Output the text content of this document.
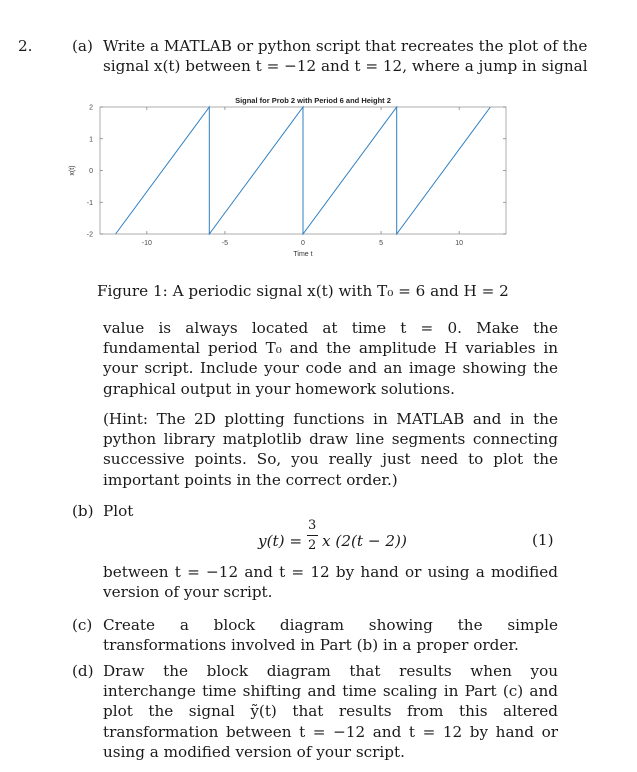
2.	(a) Write a MATLAB or python script that recreates the plot of the
signal x(t) between t = −12 and t = 12, where a jump in signal
-10	-5	0	5	10
-2
-1
0
1
2
Signal for Prob 2 with Period 6 and Height 2
Time t
x(t)
Figure 1: A periodic signal x(t) with T₀ = 6 and H = 2
value is always located at time t = 0. Make the fundamental period T₀ and the amplitude H variables in your script. Include your code and an image showing the graphical output in your homework solutions.
(Hint: The 2D plotting functions in MATLAB and in the python library matplotlib draw line segments connecting successive points. So, you really just need to plot the important points in the correct order.)
(b) Plot
y(t) =
3
2 x (2(t − 2))	(1)
between t = −12 and t = 12 by hand or using a modified version of your script.
(c) Create a block diagram showing the simple transformations involved in Part (b) in a proper order.
(d) Draw the block diagram that results when you interchange time shifting and time scaling in Part (c) and plot the signal ỹ(t) that results from this altered transformation between t = −12 and t = 12 by hand or using a modified version of your script.
